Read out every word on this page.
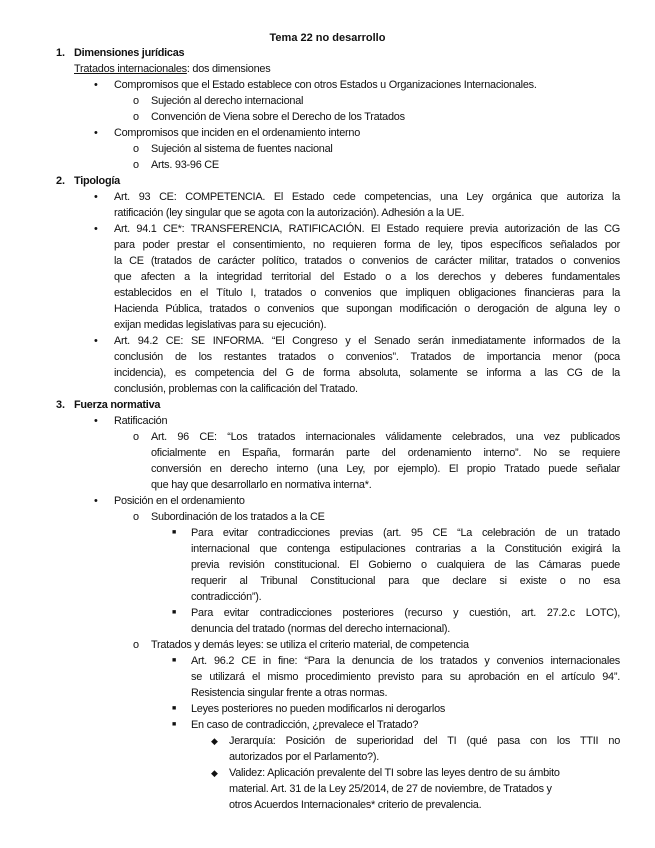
Tema 22 no desarrollo
1. Dimensiones jurídicas
Tratados internacionales: dos dimensiones
• Compromisos que el Estado establece con otros Estados u Organizaciones Internacionales.
o Sujeción al derecho internacional
o Convención de Viena sobre el Derecho de los Tratados
• Compromisos que inciden en el ordenamiento interno
o Sujeción al sistema de fuentes nacional
o Arts. 93-96 CE
2. Tipología
• Art. 93 CE: COMPETENCIA. El Estado cede competencias, una Ley orgánica que autoriza la
ratificación (ley singular que se agota con la autorización). Adhesión a la UE.
• Art. 94.1 CE*: TRANSFERENCIA, RATIFICACIÓN. El Estado requiere previa autorización de las CG
para poder prestar el consentimiento, no requieren forma de ley, tipos específicos señalados por
la CE (tratados de carácter político, tratados o convenios de carácter militar, tratados o convenios
que afecten a la integridad territorial del Estado o a los derechos y deberes fundamentales
establecidos en el Título I, tratados o convenios que impliquen obligaciones financieras para la
Hacienda Pública, tratados o convenios que supongan modificación o derogación de alguna ley o
exijan medidas legislativas para su ejecución).
• Art. 94.2 CE: SE INFORMA. “El Congreso y el Senado serán inmediatamente informados de la
conclusión de los restantes tratados o convenios”. Tratados de importancia menor (poca
incidencia), es competencia del G de forma absoluta, solamente se informa a las CG de la
conclusión, problemas con la calificación del Tratado.
3. Fuerza normativa
• Ratificación
o Art. 96 CE: “Los tratados internacionales válidamente celebrados, una vez publicados
oficialmente en España, formarán parte del ordenamiento interno”. No se requiere
conversión en derecho interno (una Ley, por ejemplo). El propio Tratado puede señalar
que hay que desarrollarlo en normativa interna*.
• Posición en el ordenamiento
o Subordinación de los tratados a la CE
■ Para evitar contradicciones previas (art. 95 CE “La celebración de un tratado
internacional que contenga estipulaciones contrarias a la Constitución exigirá la
previa revisión constitucional. El Gobierno o cualquiera de las Cámaras puede
requerir al Tribunal Constitucional para que declare si existe o no esa
contradicción”).
■ Para evitar contradicciones posteriores (recurso y cuestión, art. 27.2.c LOTC),
denuncia del tratado (normas del derecho internacional).
o Tratados y demás leyes: se utiliza el criterio material, de competencia
■ Art. 96.2 CE in fine: “Para la denuncia de los tratados y convenios internacionales
se utilizará el mismo procedimiento previsto para su aprobación en el artículo 94”.
Resistencia singular frente a otras normas.
■ Leyes posteriores no pueden modificarlos ni derogarlos
■ En caso de contradicción, ¿prevalece el Tratado?
◆ Jerarquía: Posición de superioridad del TI (qué pasa con los TTII no
autorizados por el Parlamento?).
◆ Validez: Aplicación prevalente del TI sobre las leyes dentro de su ámbito
material. Art. 31 de la Ley 25/2014, de 27 de noviembre, de Tratados y
otros Acuerdos Internacionales* criterio de prevalencia.
